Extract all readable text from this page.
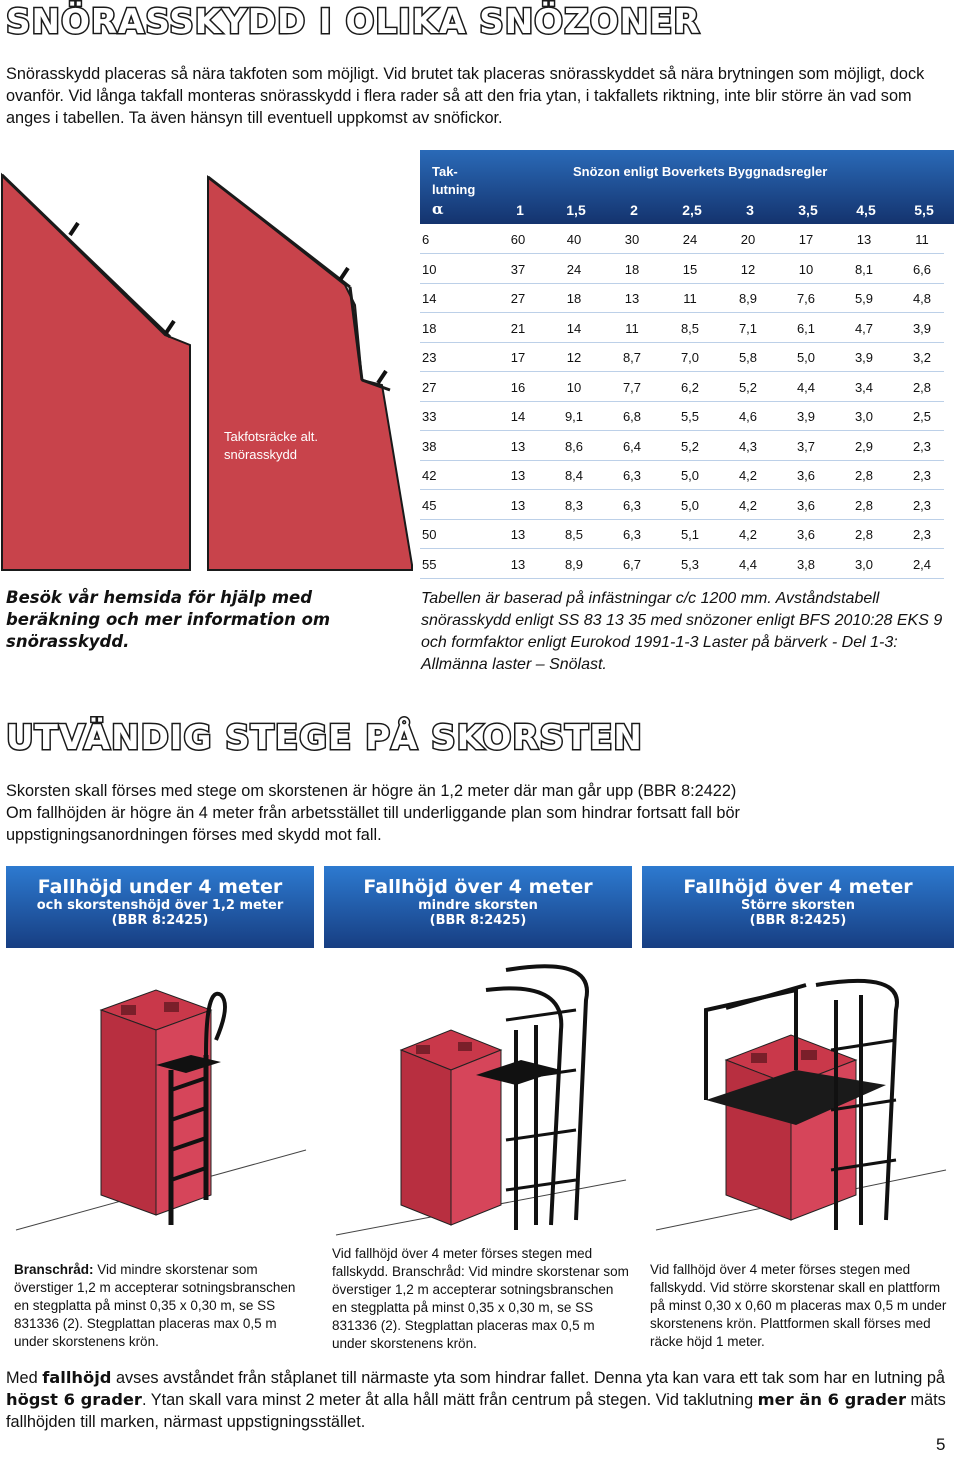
SNÖRASSKYDD I OLIKA SNÖZONER
Snörasskydd placeras så nära takfoten som möjligt. Vid brutet tak placeras snörasskyddet så nära brytningen som möjligt, dock ovanför. Vid långa takfall monteras snörasskydd i flera rader så att den fria ytan, i takfallets riktning, inte blir större än vad som anges i tabellen. Ta även hänsyn till eventuell uppkomst av snöfickor.
Enl tabell
Takfotsräcke alt. snörasskydd
Besök vår hemsida för hjälp med beräkning och mer information om snörasskydd.
Tak-
lutning
Snözon enligt Boverkets Byggnadsregler
α	1	1,5	2	2,5	3	3,5	4,5	5,5
6	60	40	30	24	20	17	13	11
10	37	24	18	15	12	10	8,1	6,6
14	27	18	13	11	8,9	7,6	5,9	4,8
18	21	14	11	8,5	7,1	6,1	4,7	3,9
23	17	12	8,7	7,0	5,8	5,0	3,9	3,2
27	16	10	7,7	6,2	5,2	4,4	3,4	2,8
33	14	9,1	6,8	5,5	4,6	3,9	3,0	2,5
38	13	8,6	6,4	5,2	4,3	3,7	2,9	2,3
42	13	8,4	6,3	5,0	4,2	3,6	2,8	2,3
45	13	8,3	6,3	5,0	4,2	3,6	2,8	2,3
50	13	8,5	6,3	5,1	4,2	3,6	2,8	2,3
55	13	8,9	6,7	5,3	4,4	3,8	3,0	2,4
Tabellen är baserad på infästningar c/c 1200 mm. Avståndstabell snörasskydd enligt SS 83 13 35 med snözoner enligt BFS 2010:28 EKS 9 och formfaktor enligt Eurokod 1991-1-3 Laster på bärverk - Del 1-3: Allmänna laster – Snölast.
UTVÄNDIG STEGE PÅ SKORSTEN
Skorsten skall förses med stege om skorstenen är högre än 1,2 meter där man går upp (BBR 8:2422)
Om fallhöjden är högre än 4 meter från arbetsstället till underliggande plan som hindrar fortsatt fall bör uppstigningsanordningen förses med skydd mot fall.
Fallhöjd under 4 meter
och skorstenshöjd över 1,2 meter
(BBR 8:2425)
Fallhöjd över 4 meter
mindre skorsten
(BBR 8:2425)
Fallhöjd över 4 meter
Större skorsten
(BBR 8:2425)
Branschråd: Vid mindre skorstenar som överstiger 1,2 m accepterar sotningsbranschen en stegplatta på minst 0,35 x 0,30 m, se SS 831336 (2). Stegplattan placeras max 0,5 m under skorstenens krön.
Vid fallhöjd över 4 meter förses stegen med fallskydd. Branschråd: Vid mindre skorstenar som överstiger 1,2 m accepterar sotningsbranschen en stegplatta på minst 0,35 x 0,30 m, se SS 831336 (2). Stegplattan placeras max 0,5 m under skorstenens krön.
Vid fallhöjd över 4 meter förses stegen med fallskydd. Vid större skorstenar skall en plattform på minst 0,30 x 0,60 m placeras max 0,5 m under skorstenens krön. Plattformen skall förses med räcke höjd 1 meter.
Med fallhöjd avses avståndet från ståplanet till närmaste yta som hindrar fallet. Denna yta kan vara ett tak som har en lutning på högst 6 grader. Ytan skall vara minst 2 meter åt alla håll mätt från centrum på stegen. Vid taklutning mer än 6 grader mäts fallhöjden till marken, närmast uppstigningsstället.
5
